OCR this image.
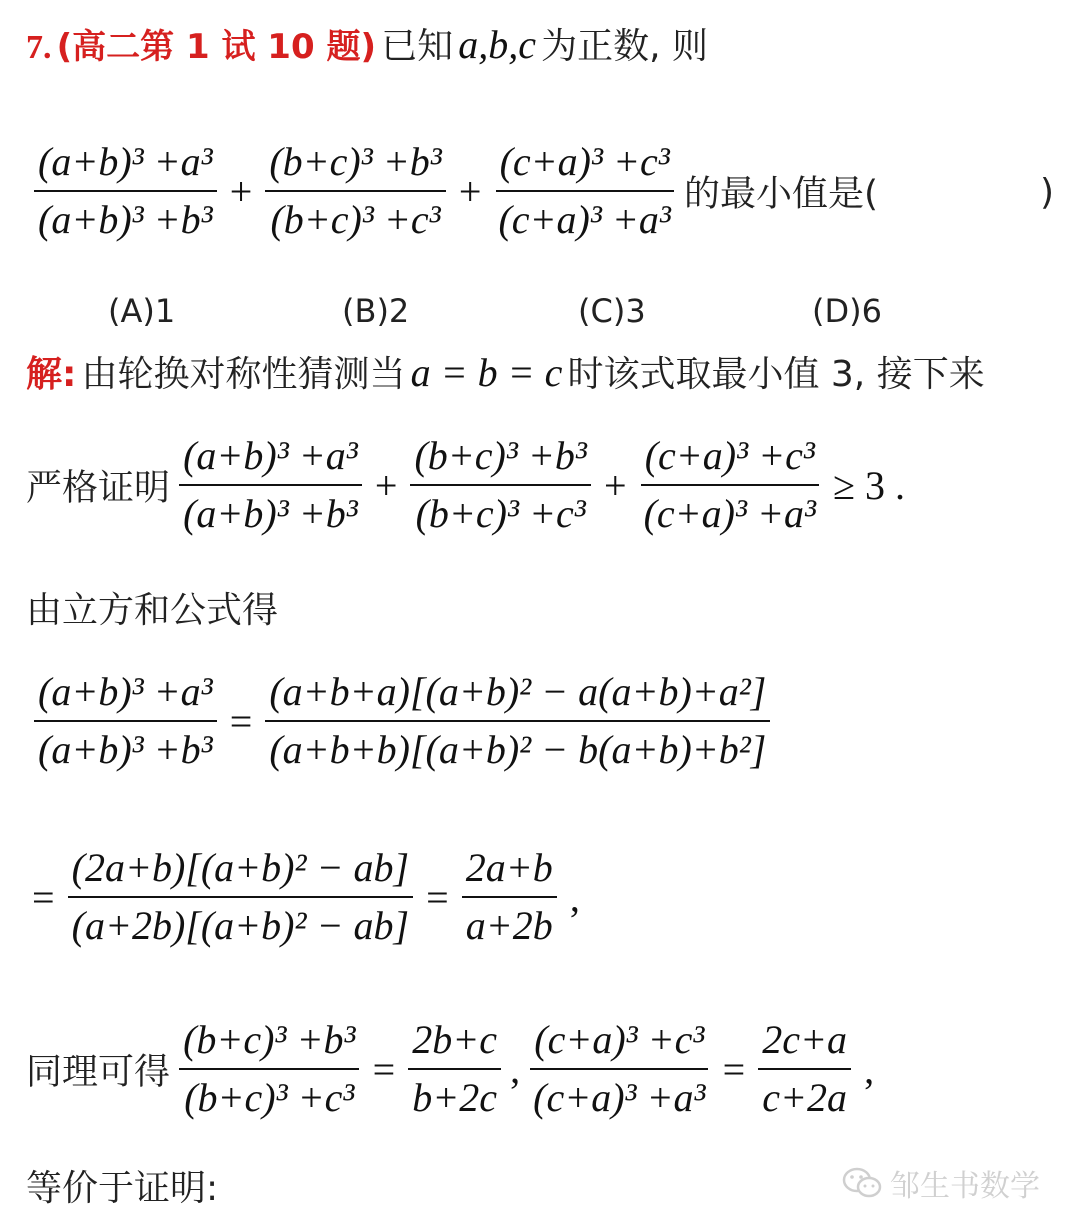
7. (高二第 1 试 10 题) 已知 a,b,c 为正数, 则
$\frac{\text{(a+b)³ +a³}}{\text{(a+b)³ +b³}} + \frac{\text{(b+c)³ +b³}}{\text{(b+c)³ +c³}} + \frac{\text{(c+a)³ +c³}}{\text{(c+a)³ +a³}}$ 的最小值是(	)
(A)1	(B)2	(C)3	(D)6
解: 由轮换对称性猜测当 a = b = c 时该式取最小值 3, 接下来
严格证明 $\frac{\text{(a+b)³ +a³}}{\text{(a+b)³ +b³}} + \frac{\text{(b+c)³ +b³}}{\text{(b+c)³ +c³}} + \frac{\text{(c+a)³ +c³}}{\text{(c+a)³ +a³}} \ge 3$ .
由立方和公式得
$\frac{\text{(a+b)³ +a³}}{\text{(a+b)³ +b³}} = \frac{\text{(a+b+a)[(a+b)² − a(a+b)+a²]}}{\text{(a+b+b)[(a+b)² − b(a+b)+b²]}}$
= $\frac{\text{(2a+b)[(a+b)² − ab]}}{\text{(a+2b)[(a+b)² − ab]}} = \frac{2a+b}{a+2b}$ ,
同理可得 $\frac{\text{(b+c)³ +b³}}{\text{(b+c)³ +c³}} = \frac{2b+c}{b+2c}$ , $\frac{\text{(c+a)³ +c³}}{\text{(c+a)³ +a³}} = \frac{2c+a}{c+2a}$ ,
等价于证明:	邹生书数学
